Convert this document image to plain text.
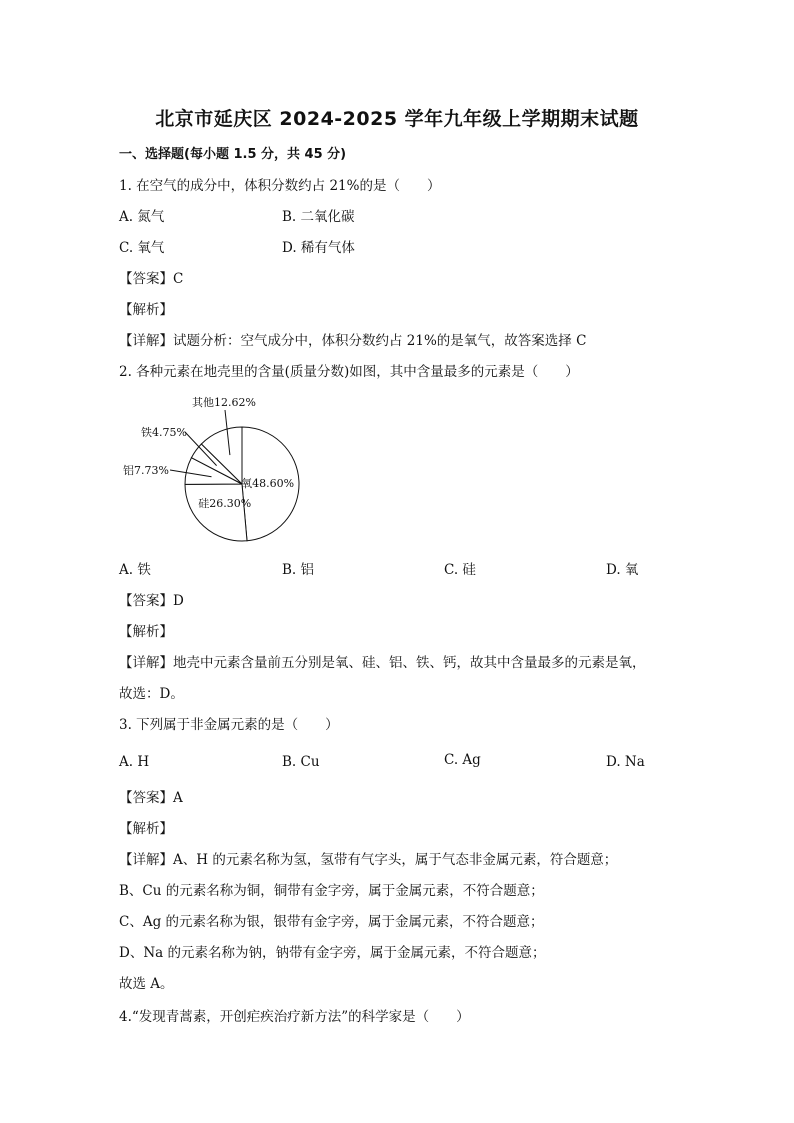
北京市延庆区 2024-2025 学年九年级上学期期末试题
一、选择题(每小题 1.5 分，共 45 分)
1. 在空气的成分中，体积分数约占 21%的是（　　）
A. 氮气	B. 二氧化碳
C. 氧气	D. 稀有气体
【答案】C
【解析】
【详解】试题分析：空气成分中，体积分数约占 21%的是氧气，故答案选择 C
2. 各种元素在地壳里的含量(质量分数)如图，其中含量最多的元素是（　　）
氧48.60%
硅26.30%
铝7.73%
铁4.75%
其他12.62%
A. 铁	B. 铝	C. 硅	D. 氧
【答案】D
【解析】
【详解】地壳中元素含量前五分别是氧、硅、铝、铁、钙，故其中含量最多的元素是氧，
故选：D。
3. 下列属于非金属元素的是（　　）
A. H	B. Cu	C. Ag	D. Na
【答案】A
【解析】
【详解】A、H 的元素名称为氢，氢带有气字头，属于气态非金属元素，符合题意；
B、Cu 的元素名称为铜，铜带有金字旁，属于金属元素，不符合题意；
C、Ag 的元素名称为银，银带有金字旁，属于金属元素，不符合题意；
D、Na 的元素名称为钠，钠带有金字旁，属于金属元素，不符合题意；
故选 A。
4.“发现青蒿素，开创疟疾治疗新方法”的科学家是（　　）
